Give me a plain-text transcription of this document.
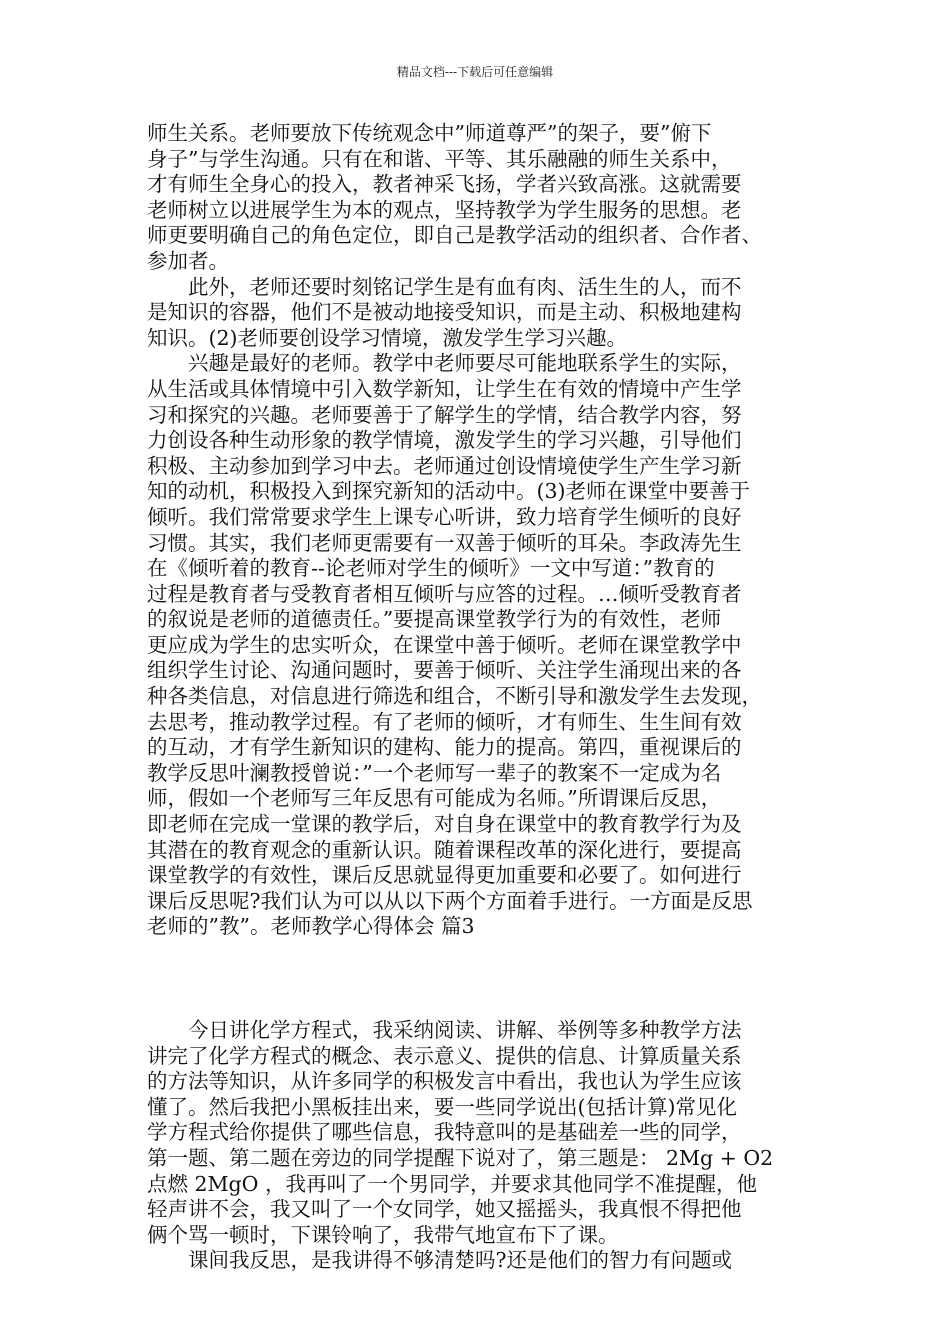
精品文档---下载后可任意编辑
师生关系。老师要放下传统观念中”师道尊严”的架子，要”俯下
身子”与学生沟通。只有在和谐、平等、其乐融融的师生关系中，
才有师生全身心的投入，教者神采飞扬，学者兴致高涨。这就需要
老师树立以进展学生为本的观点，坚持教学为学生服务的思想。老
师更要明确自己的角色定位，即自己是教学活动的组织者、合作者、
参加者。
　　此外，老师还要时刻铭记学生是有血有肉、活生生的人，而不
是知识的容器，他们不是被动地接受知识，而是主动、积极地建构
知识。(2)老师要创设学习情境，激发学生学习兴趣。
　　兴趣是最好的老师。教学中老师要尽可能地联系学生的实际，
从生活或具体情境中引入数学新知，让学生在有效的情境中产生学
习和探究的兴趣。老师要善于了解学生的学情，结合教学内容，努
力创设各种生动形象的教学情境，激发学生的学习兴趣，引导他们
积极、主动参加到学习中去。老师通过创设情境使学生产生学习新
知的动机，积极投入到探究新知的活动中。(3)老师在课堂中要善于
倾听。我们常常要求学生上课专心听讲，致力培育学生倾听的良好
习惯。其实，我们老师更需要有一双善于倾听的耳朵。李政涛先生
在《倾听着的教育--论老师对学生的倾听》一文中写道：”教育的
过程是教育者与受教育者相互倾听与应答的过程。…倾听受教育者
的叙说是老师的道德责任。”要提高课堂教学行为的有效性，老师
更应成为学生的忠实听众，在课堂中善于倾听。老师在课堂教学中
组织学生讨论、沟通问题时，要善于倾听、关注学生涌现出来的各
种各类信息，对信息进行筛选和组合，不断引导和激发学生去发现，
去思考，推动教学过程。有了老师的倾听，才有师生、生生间有效
的互动，才有学生新知识的建构、能力的提高。第四，重视课后的
教学反思叶澜教授曾说：”一个老师写一辈子的教案不一定成为名
师，假如一个老师写三年反思有可能成为名师。”所谓课后反思，
即老师在完成一堂课的教学后，对自身在课堂中的教育教学行为及
其潜在的教育观念的重新认识。随着课程改革的深化进行，要提高
课堂教学的有效性，课后反思就显得更加重要和必要了。如何进行
课后反思呢?我们认为可以从以下两个方面着手进行。一方面是反思
老师的”教”。老师教学心得体会 篇3
　　今日讲化学方程式，我采纳阅读、讲解、举例等多种教学方法
讲完了化学方程式的概念、表示意义、提供的信息、计算质量关系
的方法等知识，从许多同学的积极发言中看出，我也认为学生应该
懂了。然后我把小黑板挂出来，要一些同学说出(包括计算)常见化
学方程式给你提供了哪些信息，我特意叫的是基础差一些的同学，
第一题、第二题在旁边的同学提醒下说对了，第三题是： 2Mg + O2
点燃 2MgO ，我再叫了一个男同学，并要求其他同学不准提醒，他
轻声讲不会，我又叫了一个女同学，她又摇摇头，我真恨不得把他
俩个骂一顿时，下课铃响了，我带气地宣布下了课。
　　课间我反思，是我讲得不够清楚吗?还是他们的智力有问题或
